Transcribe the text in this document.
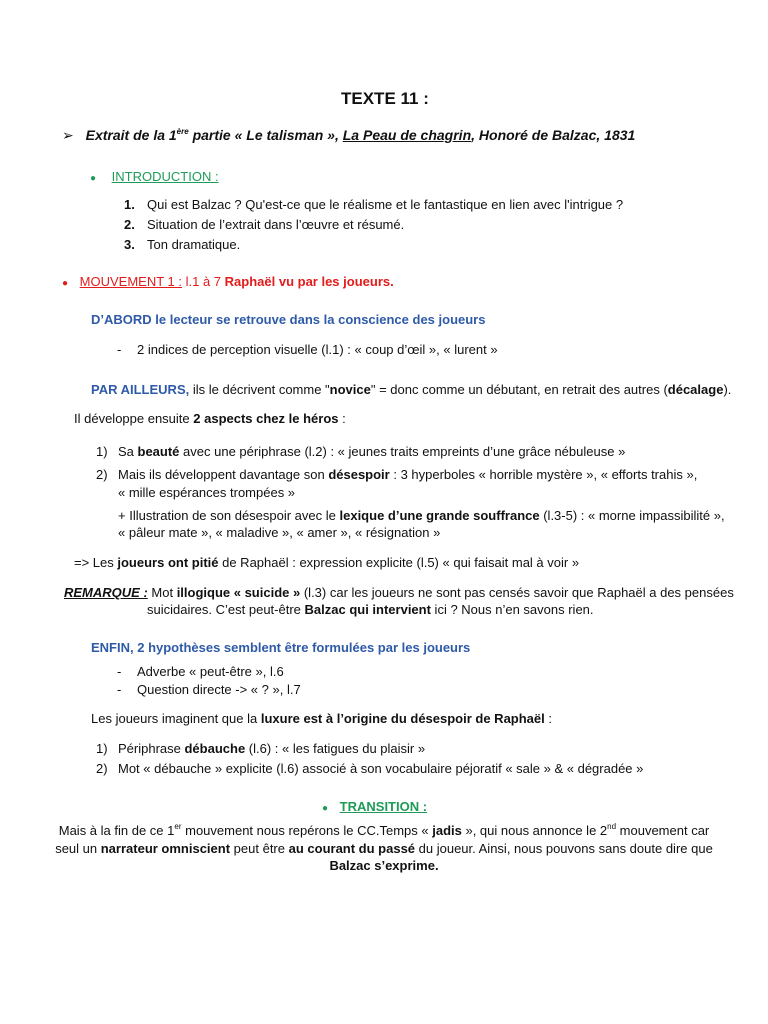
TEXTE 11 :
➢ Extrait de la 1ère partie « Le talisman », La Peau de chagrin, Honoré de Balzac, 1831
● INTRODUCTION :
1. Qui est Balzac ? Qu'est-ce que le réalisme et le fantastique en lien avec l'intrigue ?
2. Situation de l’extrait dans l’œuvre et résumé.
3. Ton dramatique.
● MOUVEMENT 1 : l.1 à 7 Raphaël vu par les joueurs.
D’ABORD le lecteur se retrouve dans la conscience des joueurs
- 2 indices de perception visuelle (l.1) : « coup d’œil », « lurent »
PAR AILLEURS, ils le décrivent comme "novice" = donc comme un débutant, en retrait des autres (décalage).
Il développe ensuite 2 aspects chez le héros :
1) Sa beauté avec une périphrase (l.2) : « jeunes traits empreints d’une grâce nébuleuse »
2) Mais ils développent davantage son désespoir : 3 hyperboles « horrible mystère », « efforts trahis »,
« mille espérances trompées »
+ Illustration de son désespoir avec le lexique d’une grande souffrance (l.3-5) : « morne impassibilité »,
« pâleur mate », « maladive », « amer », « résignation »
=> Les joueurs ont pitié de Raphaël : expression explicite (l.5) « qui faisait mal à voir »
REMARQUE : Mot illogique « suicide » (l.3) car les joueurs ne sont pas censés savoir que Raphaël a des pensées
suicidaires. C’est peut-être Balzac qui intervient ici ? Nous n’en savons rien.
ENFIN, 2 hypothèses semblent être formulées par les joueurs
- Adverbe « peut-être », l.6
- Question directe -> « ? », l.7
Les joueurs imaginent que la luxure est à l’origine du désespoir de Raphaël :
1) Périphrase débauche (l.6) : « les fatigues du plaisir »
2) Mot « débauche » explicite (l.6) associé à son vocabulaire péjoratif « sale » & « dégradée »
● TRANSITION :
Mais à la fin de ce 1er mouvement nous repérons le CC.Temps « jadis », qui nous annonce le 2nd mouvement car
seul un narrateur omniscient peut être au courant du passé du joueur. Ainsi, nous pouvons sans doute dire que
Balzac s’exprime.
